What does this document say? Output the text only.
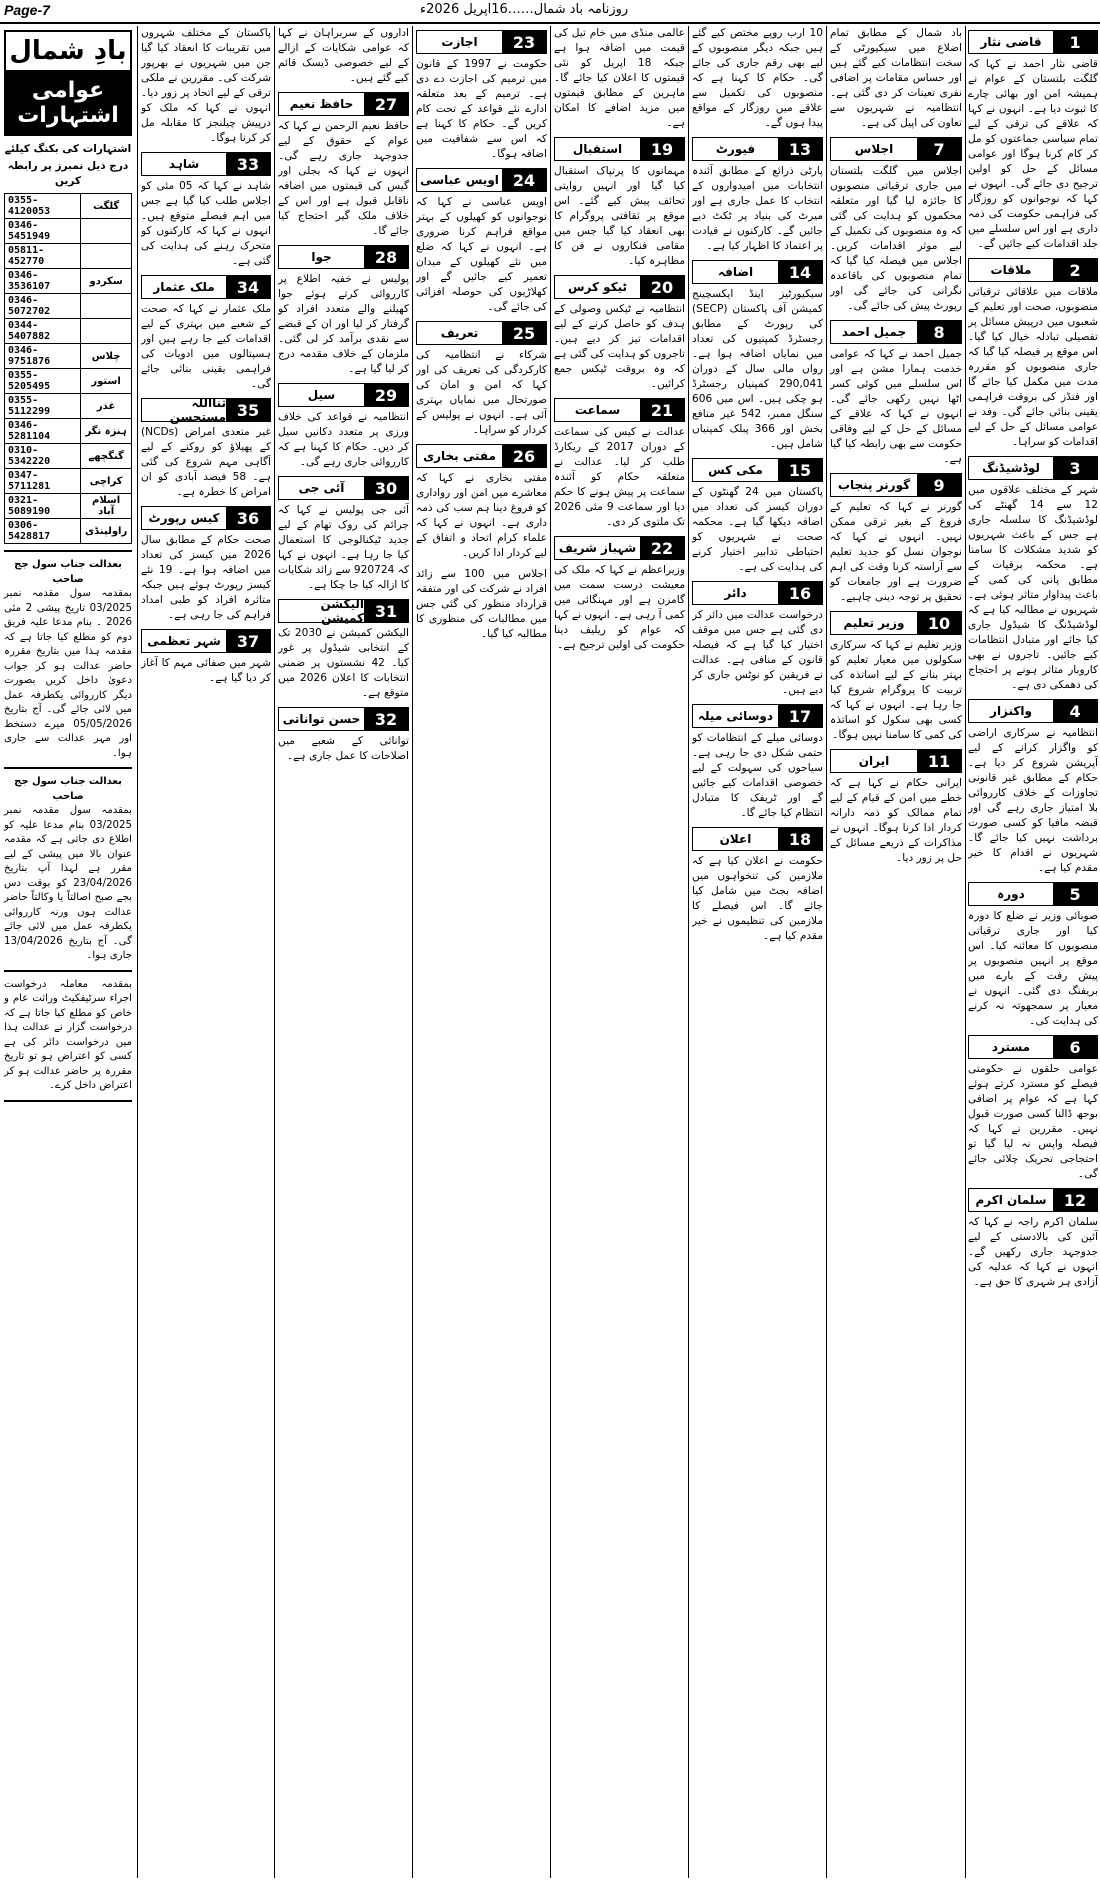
Page-7	روزنامہ باد شمال……16اپریل 2026ء
1
قاضی نثار

قاضی نثار احمد نے کہا کہ گلگت بلتستان کے عوام نے ہمیشہ امن اور بھائی چارے کا ثبوت دیا ہے۔ انہوں نے کہا کہ علاقے کی ترقی کے لیے تمام سیاسی جماعتوں کو مل کر کام کرنا ہوگا اور عوامی مسائل کے حل کو اولین ترجیح دی جائے گی۔ انہوں نے کہا کہ نوجوانوں کو روزگار کی فراہمی حکومت کی ذمہ داری ہے اور اس سلسلے میں جلد اقدامات کیے جائیں گے۔

2
ملاقات

ملاقات میں علاقائی ترقیاتی منصوبوں، صحت اور تعلیم کے شعبوں میں درپیش مسائل پر تفصیلی تبادلہ خیال کیا گیا۔ اس موقع پر فیصلہ کیا گیا کہ جاری منصوبوں کو مقررہ مدت میں مکمل کیا جائے گا اور فنڈز کی بروقت فراہمی یقینی بنائی جائے گی۔ وفد نے عوامی مسائل کے حل کے لیے اقدامات کو سراہا۔

3
لوڈشیڈنگ

شہر کے مختلف علاقوں میں 12 سے 14 گھنٹے کی لوڈشیڈنگ کا سلسلہ جاری ہے جس کے باعث شہریوں کو شدید مشکلات کا سامنا ہے۔ محکمہ برقیات کے مطابق پانی کی کمی کے باعث پیداوار متاثر ہوئی ہے۔ شہریوں نے مطالبہ کیا ہے کہ لوڈشیڈنگ کا شیڈول جاری کیا جائے اور متبادل انتظامات کیے جائیں۔ تاجروں نے بھی کاروبار متاثر ہونے پر احتجاج کی دھمکی دی ہے۔

4
واکنزار

انتظامیہ نے سرکاری اراضی کو واگزار کرانے کے لیے آپریشن شروع کر دیا ہے۔ حکام کے مطابق غیر قانونی تجاوزات کے خلاف کارروائی بلا امتیاز جاری رہے گی اور قبضہ مافیا کو کسی صورت برداشت نہیں کیا جائے گا۔ شہریوں نے اقدام کا خیر مقدم کیا ہے۔

5
دورہ

صوبائی وزیر نے ضلع کا دورہ کیا اور جاری ترقیاتی منصوبوں کا معائنہ کیا۔ اس موقع پر انہیں منصوبوں پر پیش رفت کے بارے میں بریفنگ دی گئی۔ انہوں نے معیار پر سمجھوتہ نہ کرنے کی ہدایت کی۔

6
مسترد

عوامی حلقوں نے حکومتی فیصلے کو مسترد کرتے ہوئے کہا ہے کہ عوام پر اضافی بوجھ ڈالنا کسی صورت قبول نہیں۔ مقررین نے کہا کہ فیصلہ واپس نہ لیا گیا تو احتجاجی تحریک چلائی جائے گی۔

12
سلمان اکرم

سلمان اکرم راجہ نے کہا کہ آئین کی بالادستی کے لیے جدوجہد جاری رکھیں گے۔ انہوں نے کہا کہ عدلیہ کی آزادی ہر شہری کا حق ہے۔

باد شمال کے مطابق تمام اضلاع میں سیکیورٹی کے سخت انتظامات کیے گئے ہیں اور حساس مقامات پر اضافی نفری تعینات کر دی گئی ہے۔ انتظامیہ نے شہریوں سے تعاون کی اپیل کی ہے۔

7
اجلاس

اجلاس میں گلگت بلتستان میں جاری ترقیاتی منصوبوں کا جائزہ لیا گیا اور متعلقہ محکموں کو ہدایت کی گئی کہ وہ منصوبوں کی تکمیل کے لیے موثر اقدامات کریں۔ اجلاس میں فیصلہ کیا گیا کہ تمام منصوبوں کی باقاعدہ نگرانی کی جائے گی اور رپورٹ پیش کی جائے گی۔

8
جمیل احمد

جمیل احمد نے کہا کہ عوامی خدمت ہمارا مشن ہے اور اس سلسلے میں کوئی کسر اٹھا نہیں رکھی جائے گی۔ انہوں نے کہا کہ علاقے کے مسائل کے حل کے لیے وفاقی حکومت سے بھی رابطہ کیا گیا ہے۔

9
گورنر پنجاب

گورنر نے کہا کہ تعلیم کے فروغ کے بغیر ترقی ممکن نہیں۔ انہوں نے کہا کہ نوجوان نسل کو جدید تعلیم سے آراستہ کرنا وقت کی اہم ضرورت ہے اور جامعات کو تحقیق پر توجہ دینی چاہیے۔

10
وزیر تعلیم

وزیر تعلیم نے کہا کہ سرکاری سکولوں میں معیار تعلیم کو بہتر بنانے کے لیے اساتذہ کی تربیت کا پروگرام شروع کیا جا رہا ہے۔ انہوں نے کہا کہ کسی بھی سکول کو اساتذہ کی کمی کا سامنا نہیں ہوگا۔

11
ایران

ایرانی حکام نے کہا ہے کہ خطے میں امن کے قیام کے لیے تمام ممالک کو ذمہ دارانہ کردار ادا کرنا ہوگا۔ انہوں نے مذاکرات کے ذریعے مسائل کے حل پر زور دیا۔

10 ارب روپے مختص کیے گئے ہیں جبکہ دیگر منصوبوں کے لیے بھی رقم جاری کی جائے گی۔ حکام کا کہنا ہے کہ منصوبوں کی تکمیل سے علاقے میں روزگار کے مواقع پیدا ہوں گے۔

13
فیورٹ

پارٹی ذرائع کے مطابق آئندہ انتخابات میں امیدواروں کے انتخاب کا عمل جاری ہے اور میرٹ کی بنیاد پر ٹکٹ دیے جائیں گے۔ کارکنوں نے قیادت پر اعتماد کا اظہار کیا ہے۔

14
اضافہ

سیکیورٹیز اینڈ ایکسچینج کمیشن آف پاکستان (SECP) کی رپورٹ کے مطابق رجسٹرڈ کمپنیوں کی تعداد میں نمایاں اضافہ ہوا ہے۔ رواں مالی سال کے دوران 290,041 کمپنیاں رجسٹرڈ ہو چکی ہیں۔ اس میں 606 سنگل ممبر، 542 غیر منافع بخش اور 366 پبلک کمپنیاں شامل ہیں۔

15
مکی کس

پاکستان میں 24 گھنٹوں کے دوران کیسز کی تعداد میں اضافہ دیکھا گیا ہے۔ محکمہ صحت نے شہریوں کو احتیاطی تدابیر اختیار کرنے کی ہدایت کی ہے۔

16
دائر

درخواست عدالت میں دائر کر دی گئی ہے جس میں موقف اختیار کیا گیا ہے کہ فیصلہ قانون کے منافی ہے۔ عدالت نے فریقین کو نوٹس جاری کر دیے ہیں۔

17
دوسائی میلہ

دوسائی میلے کے انتظامات کو حتمی شکل دی جا رہی ہے۔ سیاحوں کی سہولت کے لیے خصوصی اقدامات کیے جائیں گے اور ٹریفک کا متبادل انتظام کیا جائے گا۔

18
اعلان

حکومت نے اعلان کیا ہے کہ ملازمین کی تنخواہوں میں اضافہ بجٹ میں شامل کیا جائے گا۔ اس فیصلے کا ملازمین کی تنظیموں نے خیر مقدم کیا ہے۔

عالمی منڈی میں خام تیل کی قیمت میں اضافہ ہوا ہے جبکہ 18 اپریل کو نئی قیمتوں کا اعلان کیا جائے گا۔ ماہرین کے مطابق قیمتوں میں مزید اضافے کا امکان ہے۔

19
استقبال

مہمانوں کا پرتپاک استقبال کیا گیا اور انہیں روایتی تحائف پیش کیے گئے۔ اس موقع پر ثقافتی پروگرام کا بھی انعقاد کیا گیا جس میں مقامی فنکاروں نے فن کا مظاہرہ کیا۔

20
ٹیکو کرس

انتظامیہ نے ٹیکس وصولی کے ہدف کو حاصل کرنے کے لیے اقدامات تیز کر دیے ہیں۔ تاجروں کو ہدایت کی گئی ہے کہ وہ بروقت ٹیکس جمع کرائیں۔

21
سماعت

عدالت نے کیس کی سماعت کے دوران 2017 کے ریکارڈ طلب کر لیا۔ عدالت نے متعلقہ حکام کو آئندہ سماعت پر پیش ہونے کا حکم دیا اور سماعت 9 مئی 2026 تک ملتوی کر دی۔

22
شہباز شریف

وزیراعظم نے کہا کہ ملک کی معیشت درست سمت میں گامزن ہے اور مہنگائی میں کمی آ رہی ہے۔ انہوں نے کہا کہ عوام کو ریلیف دینا حکومت کی اولین ترجیح ہے۔

23
اجازت

حکومت نے 1997 کے قانون میں ترمیم کی اجازت دے دی ہے۔ ترمیم کے بعد متعلقہ ادارے نئے قواعد کے تحت کام کریں گے۔ حکام کا کہنا ہے کہ اس سے شفافیت میں اضافہ ہوگا۔

24
اویس عباسی

اویس عباسی نے کہا کہ نوجوانوں کو کھیلوں کے بہتر مواقع فراہم کرنا ضروری ہے۔ انہوں نے کہا کہ ضلع میں نئے کھیلوں کے میدان تعمیر کیے جائیں گے اور کھلاڑیوں کی حوصلہ افزائی کی جائے گی۔

25
تعریف

شرکاء نے انتظامیہ کی کارکردگی کی تعریف کی اور کہا کہ امن و امان کی صورتحال میں نمایاں بہتری آئی ہے۔ انہوں نے پولیس کے کردار کو سراہا۔

26
مفتی بخاری

مفتی بخاری نے کہا کہ معاشرے میں امن اور رواداری کو فروغ دینا ہم سب کی ذمہ داری ہے۔ انہوں نے کہا کہ علماء کرام اتحاد و اتفاق کے لیے کردار ادا کریں۔

اجلاس میں 100 سے زائد افراد نے شرکت کی اور متفقہ قرارداد منظور کی گئی جس میں مطالبات کی منظوری کا مطالبہ کیا گیا۔

اداروں کے سربراہان نے کہا کہ عوامی شکایات کے ازالے کے لیے خصوصی ڈیسک قائم کیے گئے ہیں۔

27
حافظ نعیم

حافظ نعیم الرحمن نے کہا کہ عوام کے حقوق کے لیے جدوجہد جاری رہے گی۔ انہوں نے کہا کہ بجلی اور گیس کی قیمتوں میں اضافہ ناقابل قبول ہے اور اس کے خلاف ملک گیر احتجاج کیا جائے گا۔

28
جوا

پولیس نے خفیہ اطلاع پر کارروائی کرتے ہوئے جوا کھیلنے والے متعدد افراد کو گرفتار کر لیا اور ان کے قبضے سے نقدی برآمد کر لی گئی۔ ملزمان کے خلاف مقدمہ درج کر لیا گیا ہے۔

29
سیل

انتظامیہ نے قواعد کی خلاف ورزی پر متعدد دکانیں سیل کر دیں۔ حکام کا کہنا ہے کہ کارروائی جاری رہے گی۔

30
آئی جی

آئی جی پولیس نے کہا کہ جرائم کی روک تھام کے لیے جدید ٹیکنالوجی کا استعمال کیا جا رہا ہے۔ انہوں نے کہا کہ 920724 سے زائد شکایات کا ازالہ کیا جا چکا ہے۔

31
الیکشن کمیشن

الیکشن کمیشن نے 2030 تک کے انتخابی شیڈول پر غور کیا۔ 42 نشستوں پر ضمنی انتخابات کا اعلان 2026 میں متوقع ہے۔

32
حسن تواناتی

توانائی کے شعبے میں اصلاحات کا عمل جاری ہے۔

پاکستان کے مختلف شہروں میں تقریبات کا انعقاد کیا گیا جن میں شہریوں نے بھرپور شرکت کی۔ مقررین نے ملکی ترقی کے لیے اتحاد پر زور دیا۔ انہوں نے کہا کہ ملک کو درپیش چیلنجز کا مقابلہ مل کر کرنا ہوگا۔

33
شاہد

شاہد نے کہا کہ 05 مئی کو اجلاس طلب کیا گیا ہے جس میں اہم فیصلے متوقع ہیں۔ انہوں نے کہا کہ کارکنوں کو متحرک رہنے کی ہدایت کی گئی ہے۔

34
ملک عثمار

ملک عثمار نے کہا کہ صحت کے شعبے میں بہتری کے لیے اقدامات کیے جا رہے ہیں اور ہسپتالوں میں ادویات کی فراہمی یقینی بنائی جائے گی۔

35
ثنااللہ مستحسن

غیر متعدی امراض (NCDs) کے پھیلاؤ کو روکنے کے لیے آگاہی مہم شروع کی گئی ہے۔ 58 فیصد آبادی کو ان امراض کا خطرہ ہے۔

36
کیس رپورٹ

صحت حکام کے مطابق سال 2026 میں کیسز کی تعداد میں اضافہ ہوا ہے۔ 19 نئے کیسز رپورٹ ہوئے ہیں جبکہ متاثرہ افراد کو طبی امداد فراہم کی جا رہی ہے۔

37
شہر تعظمی

شہر میں صفائی مہم کا آغاز کر دیا گیا ہے۔

بادِ شمال
عوامی اشتہارات
اشتہارات کی بکنگ کیلئے
درج ذیل نمبرز پر رابطہ کریں
گلگت	0355-4120053
	0346-5451949
	05811-452770
سکردو	0346-3536107
	0346-5072702
	0344-5407882
چلاس	0346-9751876
استور	0355-5205495
غذر	0355-5112299
ہنزہ نگر	0346-5281104
گنگچھے	0310-5342220
کراچی	0347-5711281
اسلام آباد	0321-5089190
راولپنڈی	0306-5428817
بعدالت جناب سول جج صاحب
بمقدمہ سول مقدمہ نمبر 03/2025 تاریخ پیشی 2 مئی 2026 ۔ بنام مدعا علیہ فریق دوم کو مطلع کیا جاتا ہے کہ مقدمہ ہذا میں بتاریخ مقررہ حاضر عدالت ہو کر جواب دعویٰ داخل کریں بصورت دیگر کارروائی یکطرفہ عمل میں لائی جائے گی۔ آج بتاریخ 05/05/2026 میرے دستخط اور مہر عدالت سے جاری ہوا۔
بعدالت جناب سول جج صاحب
بمقدمہ سول مقدمہ نمبر 03/2025 بنام مدعا علیہ کو اطلاع دی جاتی ہے کہ مقدمہ عنوان بالا میں پیشی کے لیے مقرر ہے لہذا آپ بتاریخ 23/04/2026 کو بوقت دس بجے صبح اصالتاً یا وکالتاً حاضر عدالت ہوں ورنہ کارروائی یکطرفہ عمل میں لائی جائے گی۔ آج بتاریخ 13/04/2026 جاری ہوا۔
بمقدمہ معاملہ درخواست اجراء سرٹیفکیٹ وراثت عام و خاص کو مطلع کیا جاتا ہے کہ درخواست گزار نے عدالت ہذا میں درخواست دائر کی ہے کسی کو اعتراض ہو تو تاریخ مقررہ پر حاضر عدالت ہو کر اعتراض داخل کرے۔
